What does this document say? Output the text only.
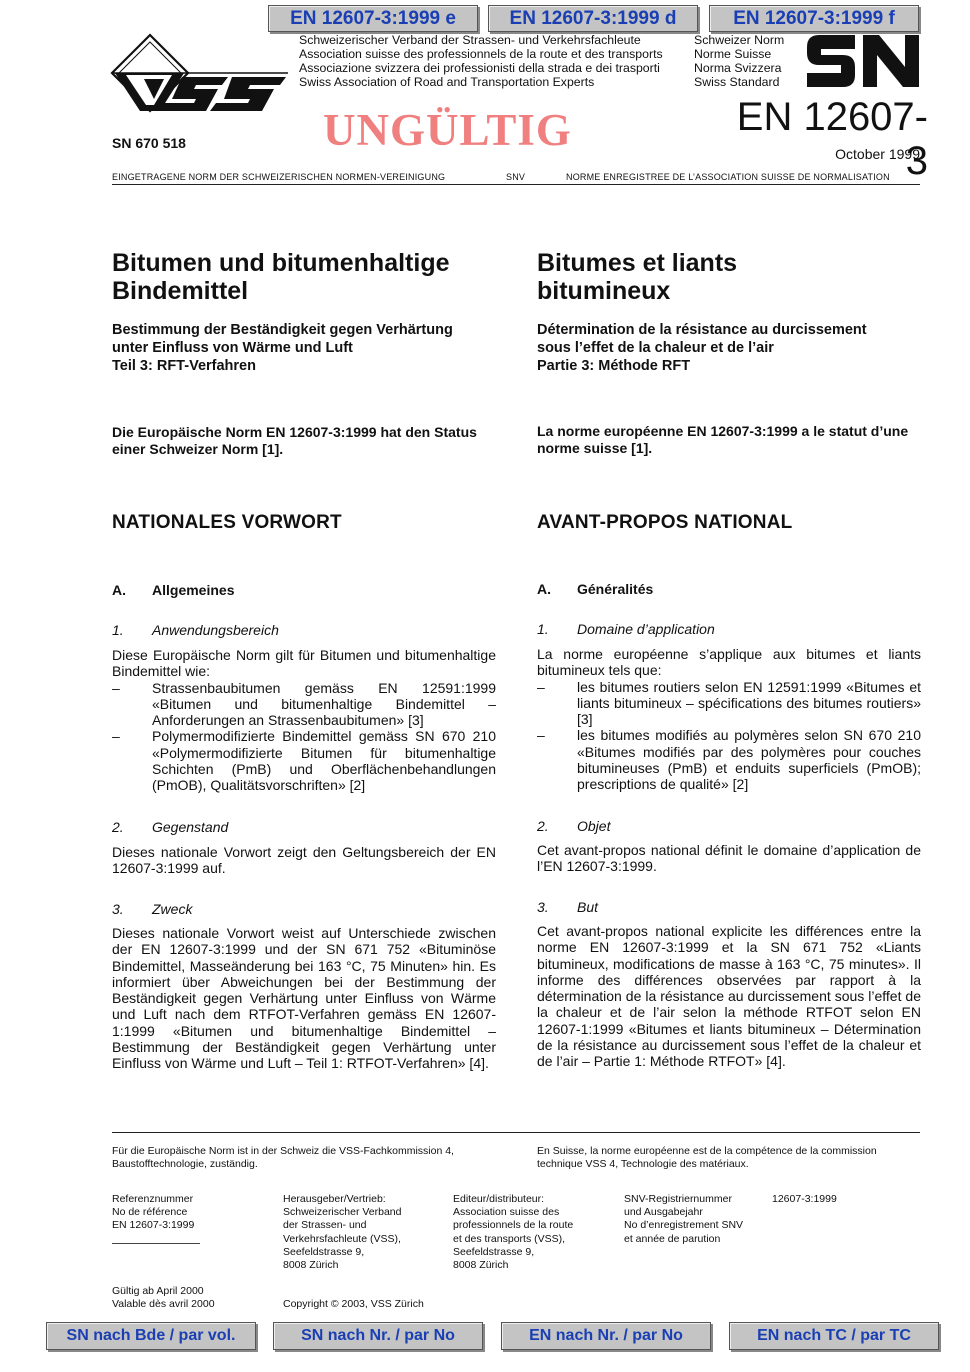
EN 12607-3:1999 e	EN 12607-3:1999 d	EN 12607-3:1999 f
SN 670 518
Schweizerischer Verband der Strassen- und Verkehrsfachleute
Association suisse des professionnels de la route et des transports
Associazione svizzera dei professionisti della strada e dei trasporti
Swiss Association of Road and Transportation Experts
Schweizer Norm
Norme Suisse
Norma Svizzera
Swiss Standard
UNGÜLTIG	EN 12607-3
October 1999
EINGETRAGENE NORM DER SCHWEIZERISCHEN NORMEN-VEREINIGUNG	SNV	NORME ENREGISTREE DE L’ASSOCIATION SUISSE DE NORMALISATION
Bitumen und bitumenhaltige
Bindemittel
Bestimmung der Beständigkeit gegen Verhärtung
unter Einfluss von Wärme und Luft
Teil 3: RFT-Verfahren
Die Europäische Norm EN 12607-3:1999 hat den Status einer Schweizer Norm [1].
NATIONALES VORWORT
A. Allgemeines
1. Anwendungsbereich
Diese Europäische Norm gilt für Bitumen und bitumenhaltige Bindemittel wie:
– Strassenbaubitumen gemäss EN 12591:1999 «Bitumen und bitumenhaltige Bindemittel – Anforderungen an Strassenbaubitumen» [3]
– Polymermodifizierte Bindemittel gemäss SN 670 210 «Polymermodifizierte Bitumen für bitumenhaltige Schichten (PmB) und Oberflächenbehandlungen (PmOB), Qualitätsvorschriften» [2]
2. Gegenstand
Dieses nationale Vorwort zeigt den Geltungsbereich der EN 12607-3:1999 auf.
3. Zweck
Dieses nationale Vorwort weist auf Unterschiede zwischen der EN 12607-3:1999 und der SN 671 752 «Bituminöse Bindemittel, Masseänderung bei 163 °C, 75 Minuten» hin. Es informiert über Abweichungen bei der Bestimmung der Beständigkeit gegen Verhärtung unter Einfluss von Wärme und Luft nach dem RTFOT-Verfahren gemäss EN 12607-1:1999 «Bitumen und bitumenhaltige Bindemittel – Bestimmung der Beständigkeit gegen Verhärtung unter Einfluss von Wärme und Luft – Teil 1: RTFOT-Verfahren» [4].
Bitumes et liants
bitumineux
Détermination de la résistance au durcissement
sous l’effet de la chaleur et de l’air
Partie 3: Méthode RFT
La norme européenne EN 12607-3:1999 a le statut d’une norme suisse [1].
AVANT-PROPOS NATIONAL
A. Généralités
1. Domaine d’application
La norme européenne s’applique aux bitumes et liants bitumineux tels que:
– les bitumes routiers selon EN 12591:1999 «Bitumes et liants bitumineux – spécifications des bitumes routiers» [3]
– les bitumes modifiés au polymères selon SN 670 210 «Bitumes modifiés par des polymères pour couches bitumineuses (PmB) et enduits superficiels (PmOB); prescriptions de qualité» [2]
2. Objet
Cet avant-propos national définit le domaine d’application de l’EN 12607-3:1999.
3. But
Cet avant-propos national explicite les différences entre la norme EN 12607-3:1999 et la SN 671 752 «Liants bitumineux, modifications de masse à 163 °C, 75 minutes». Il informe des différences observées par rapport à la détermination de la résistance au durcissement sous l’effet de la chaleur et de l’air selon la méthode RTFOT selon EN 12607-1:1999 «Bitumes et liants bitumineux – Détermination de la résistance au durcissement sous l’effet de la chaleur et de l’air – Partie 1: Méthode RTFOT» [4].
Für die Europäische Norm ist in der Schweiz die VSS-Fachkommission 4, Baustofftechnologie, zuständig.
En Suisse, la norme européenne est de la compétence de la commission technique VSS 4, Technologie des matériaux.
Referenznummer
No de référence
EN 12607-3:1999
Herausgeber/Vertrieb:
Schweizerischer Verband
der Strassen- und
Verkehrsfachleute (VSS),
Seefeldstrasse 9,
8008 Zürich
Editeur/distributeur:
Association suisse des
professionnels de la route
et des transports (VSS),
Seefeldstrasse 9,
8008 Zürich
SNV-Registriernummer
und Ausgabejahr
No d’enregistrement SNV
et année de parution
12607-3:1999
Gültig ab April 2000
Valable dès avril 2000	Copyright © 2003, VSS Zürich
SN nach Bde / par vol.	SN nach Nr. / par No	EN nach Nr. / par No	EN nach TC / par TC
